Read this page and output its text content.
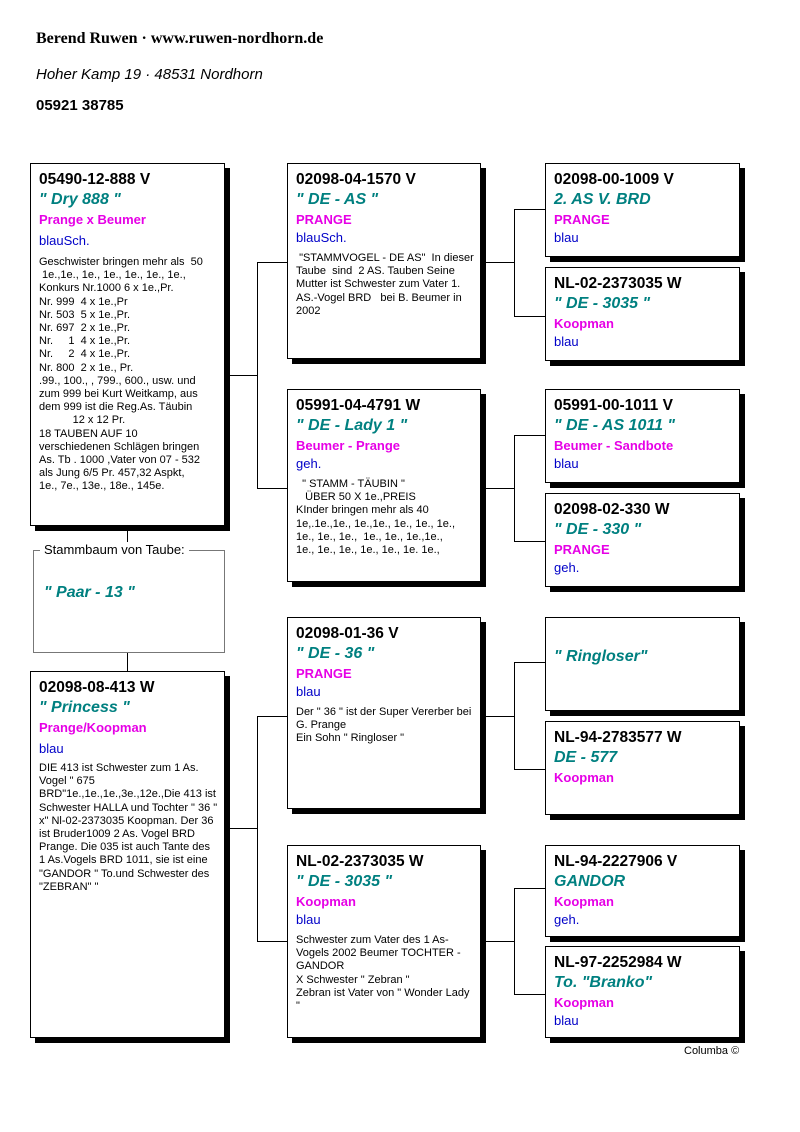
Berend Ruwen · www.ruwen-nordhorn.de
Hoher Kamp 19 · 48531 Nordhorn
05921 38785
05490-12-888 V
" Dry 888 "
Prange x Beumer
blauSch.
Geschwister bringen mehr als  50
1e.,1e., 1e., 1e., 1e., 1e., 1e.,
Konkurs Nr.1000 6 x 1e.,Pr.
Nr. 999  4 x 1e.,Pr
Nr. 503  5 x 1e.,Pr.
Nr. 697  2 x 1e.,Pr.
Nr.     1  4 x 1e.,Pr.
Nr.     2  4 x 1e.,Pr.
Nr. 800  2 x 1e., Pr.
.99., 100., , 799., 600., usw. und
zum 999 bei Kurt Weitkamp, aus
dem 999 ist die Reg.As. Täubin
12 x 12 Pr.
18 TAUBEN AUF 10
verschiedenen Schlägen bringen
As. Tb . 1000 ,Vater von 07 - 532
als Jung 6/5 Pr. 457,32 Aspkt,
1e., 7e., 13e., 18e., 145e.
Stammbaum von Taube:
" Paar - 13 "
02098-08-413 W
" Princess "
Prange/Koopman
blau
DIE 413 ist Schwester zum 1 As. Vogel " 675 BRD"1e.,1e.,1e.,3e.,12e.,Die 413 ist Schwester HALLA und Tochter " 36 " x" Nl-02-2373035 Koopman. Der 36 ist Bruder1009 2 As. Vogel BRD Prange. Die 035 ist auch Tante des 1 As.Vogels BRD 1011, sie ist eine "GANDOR " To.und Schwester des "ZEBRAN" "
02098-04-1570 V
" DE - AS "
PRANGE
blauSch.
"STAMMVOGEL - DE AS"  In dieser  Taube  sind  2 AS. Tauben Seine Mutter ist Schwester zum Vater 1. AS.-Vogel BRD   bei B. Beumer in 2002
05991-04-4791 W
" DE - Lady 1 "
Beumer - Prange
geh.
" STAMM - TÄUBIN "
ÜBER 50 X 1e.,PREIS
KInder bringen mehr als 40
1e,.1e.,1e., 1e.,1e., 1e., 1e., 1e.,
1e., 1e., 1e.,  1e., 1e., 1e.,1e.,
1e., 1e., 1e., 1e., 1e., 1e. 1e.,
02098-01-36 V
" DE - 36 "
PRANGE
blau
Der " 36 " ist der Super Vererber bei G. Prange
Ein Sohn " Ringloser "
NL-02-2373035 W
" DE - 3035 "
Koopman
blau
Schwester zum Vater des 1 As-Vogels 2002 Beumer TOCHTER - GANDOR
X Schwester " Zebran "
Zebran ist Vater von " Wonder Lady "
02098-00-1009 V
2. AS V. BRD
PRANGE
blau
NL-02-2373035 W
" DE - 3035 "
Koopman
blau
05991-00-1011 V
" DE - AS 1011 "
Beumer - Sandbote
blau
02098-02-330 W
" DE - 330 "
PRANGE
geh.
" Ringloser"
NL-94-2783577 W
DE - 577
Koopman
NL-94-2227906 V
GANDOR
Koopman
geh.
NL-97-2252984 W
To. "Branko"
Koopman
blau
Columba ©
